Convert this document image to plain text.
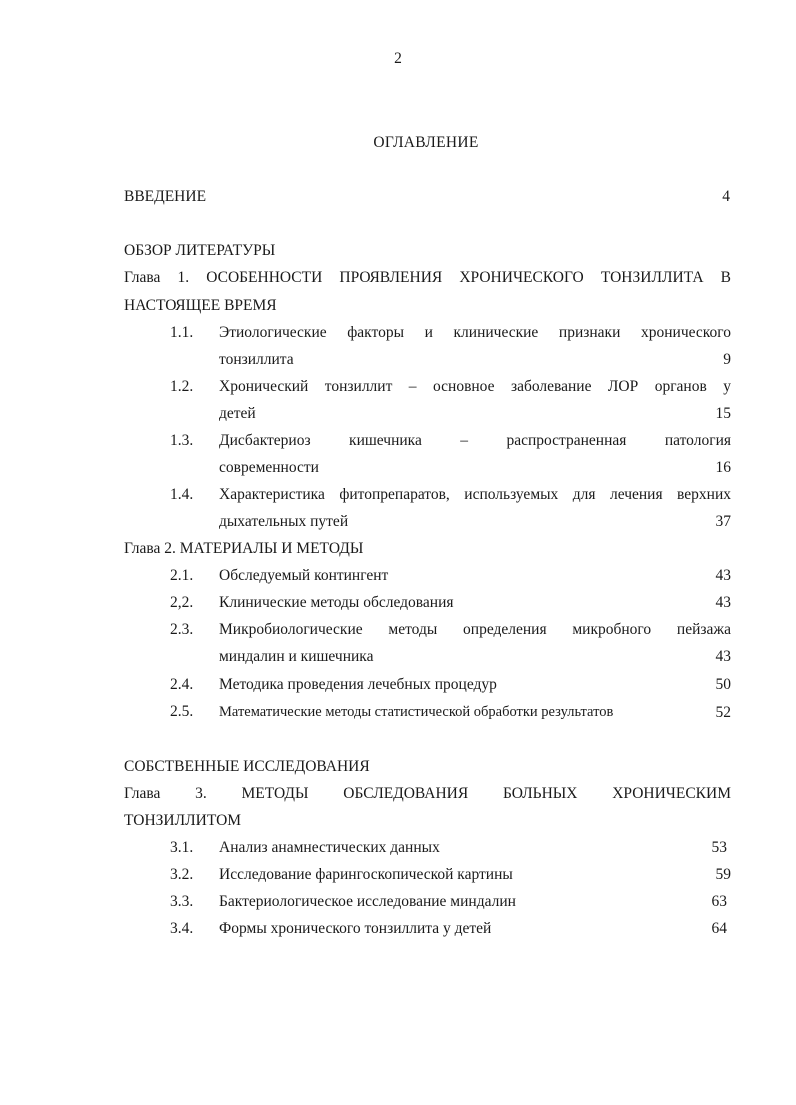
2
ОГЛАВЛЕНИЕ
ВВЕДЕНИЕ	4
ОБЗОР ЛИТЕРАТУРЫ
Глава 1. ОСОБЕННОСТИ ПРОЯВЛЕНИЯ ХРОНИЧЕСКОГО ТОНЗИЛЛИТА В
НАСТОЯЩЕЕ ВРЕМЯ
1.1.	Этиологические факторы и клинические признаки хронического
тонзиллита	9
1.2.	Хронический тонзиллит – основное заболевание ЛОР органов у
детей	15
1.3.	Дисбактериоз кишечника – распространенная патология
современности	16
1.4.	Характеристика фитопрепаратов, используемых для лечения верхних
дыхательных путей	37
Глава 2. МАТЕРИАЛЫ И МЕТОДЫ
2.1.	Обследуемый контингент	43
2,2.	Клинические методы обследования	43
2.3.	Микробиологические методы определения микробного пейзажа
миндалин и кишечника	43
2.4.	Методика проведения лечебных процедур	50
2.5.	Математические методы статистической обработки результатов	52
СОБСТВЕННЫЕ ИССЛЕДОВАНИЯ
Глава 3. МЕТОДЫ ОБСЛЕДОВАНИЯ БОЛЬНЫХ ХРОНИЧЕСКИМ
ТОНЗИЛЛИТОМ
3.1.	Анализ анамнестических данных	53
3.2.	Исследование фарингоскопической картины	59
3.3.	Бактериологическое исследование миндалин	63
3.4.	Формы хронического тонзиллита у детей	64
